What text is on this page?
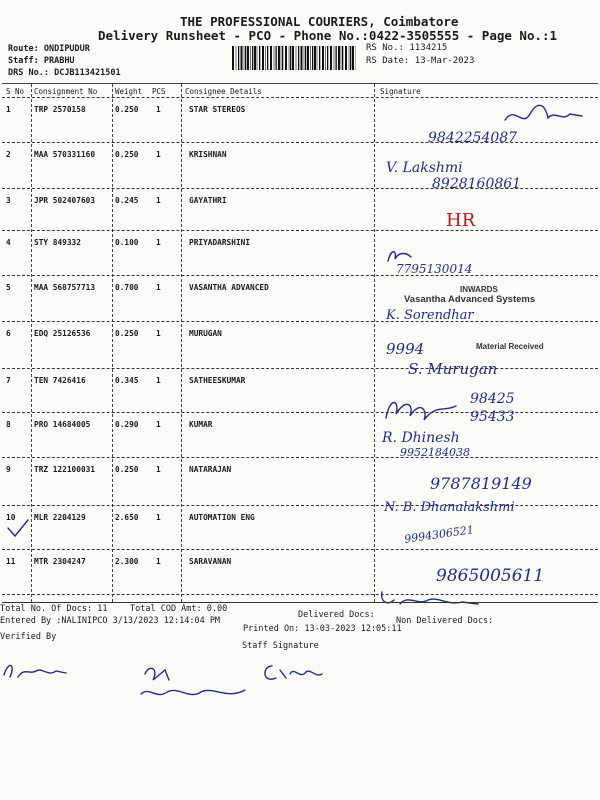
THE PROFESSIONAL COURIERS, Coimbatore
Delivery Runsheet - PCO - Phone No.:0422-3505555 - Page No.:1
Route: ONDIPUDUR
Staff: PRABHU
DRS No.: DCJB113421501
RS No.: 1134215
RS Date: 13-Mar-2023
S No Consignment No Weight PCS	Consignee Details	Signature
1	TRP 2570158	0.250 1	STAR STEREOS
2	MAA 570331160	0.250 1	KRISHNAN
3	JPR 502407603	0.245 1	GAYATHRI
4	STY 849332	0.100 1	PRIYADARSHINI
5	MAA 568757713	0.700 1	VASANTHA ADVANCED
6	EDQ 25126536	0.250 1	MURUGAN
7	TEN 7426416	0.345 1	SATHEESKUMAR
8	PRO 14684005	0.290 1	KUMAR
9	TRZ 122100031	0.250 1	NATARAJAN
10 MLR 2204129	2.650 1	AUTOMATION ENG
11 MTR 2304247	2.300 1	SARAVANAN
9842254087
V. Lakshmi
8928160861
HR
7795130014
INWARDS
Vasantha Advanced Systems
K. Sorendhar
9994	Material Received
S. Murugan
98425 95433
R. Dhinesh
9952184038
9787819149
N. B. Dhanalakshmi
9994306521
9865005611
Total No. Of Docs: 11	Total COD Amt: 0.00
Delivered Docs:
Entered By :NALINIPCO 3/13/2023 12:14:04 PM	Non Delivered Docs:
Printed On: 13-03-2023 12:05:11
Verified By
Staff Signature
